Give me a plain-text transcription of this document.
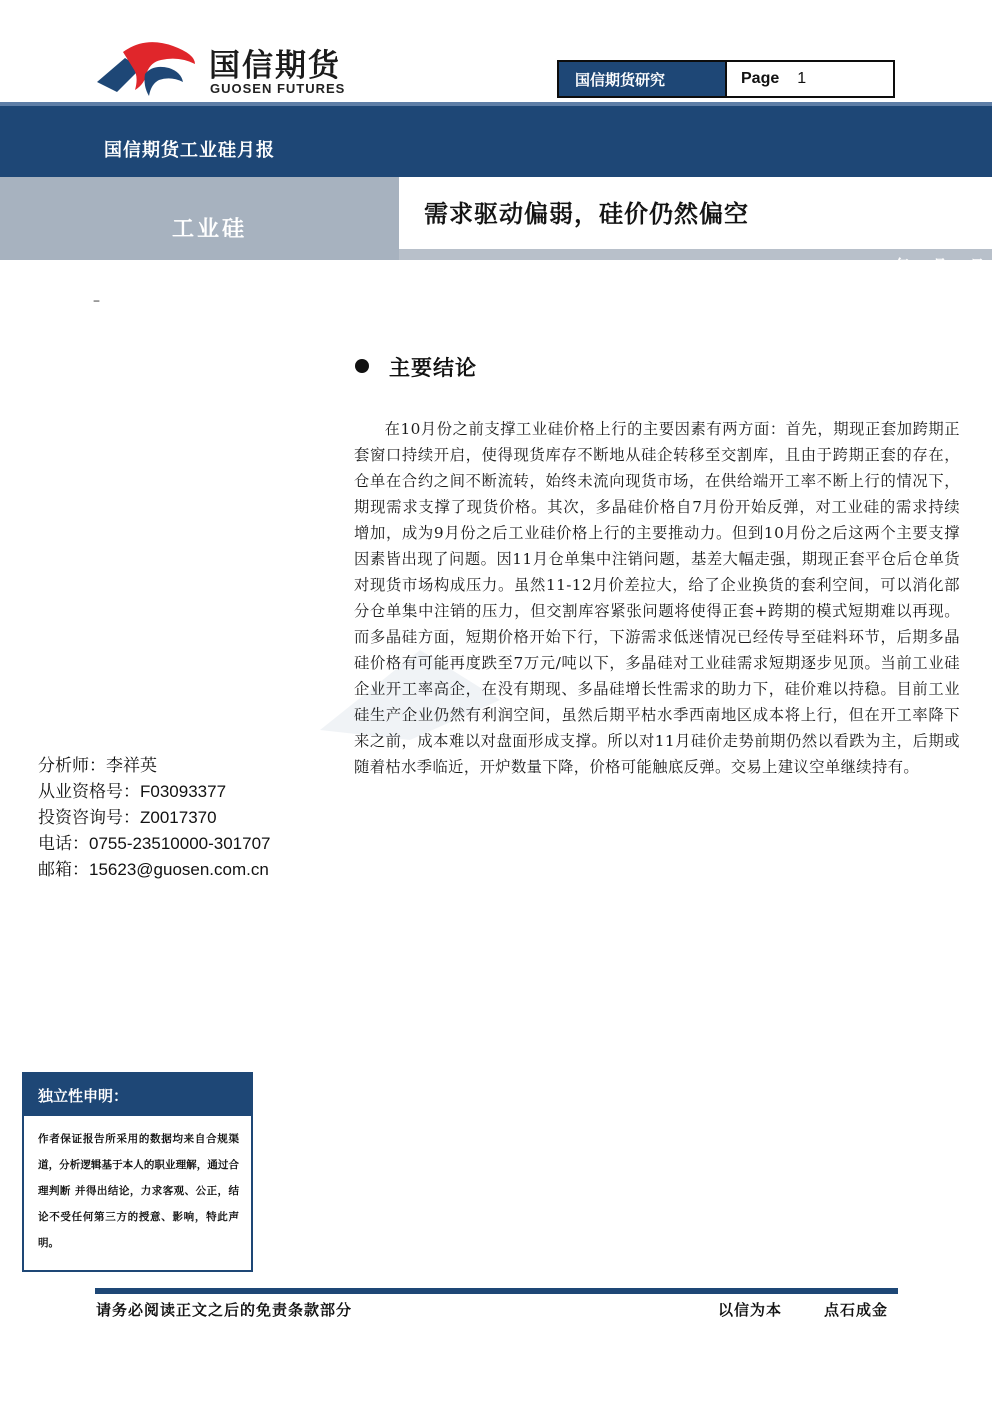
国信期货
GUOSEN FUTURES	国信期货研究	Page 1
国信期货工业硅月报
工业硅
需求驱动偏弱，硅价仍然偏空
2023 年 10 月 29 日
–
主要结论
在10月份之前支撑工业硅价格上行的主要因素有两方面：首先，期现正套加跨期正套窗口持续开启，使得现货库存不断地从硅企转移至交割库，且由于跨期正套的存在，仓单在合约之间不断流转，始终未流向现货市场，在供给端开工率不断上行的情况下，期现需求支撑了现货价格。其次，多晶硅价格自7月份开始反弹，对工业硅的需求持续增加，成为9月份之后工业硅价格上行的主要推动力。但到10月份之后这两个主要支撑因素皆出现了问题。因11月仓单集中注销问题，基差大幅走强，期现正套平仓后仓单货对现货市场构成压力。虽然11-12月价差拉大，给了企业换货的套利空间，可以消化部分仓单集中注销的压力，但交割库容紧张问题将使得正套+跨期的模式短期难以再现。而多晶硅方面，短期价格开始下行，下游需求低迷情况已经传导至硅料环节，后期多晶硅价格有可能再度跌至7万元/吨以下，多晶硅对工业硅需求短期逐步见顶。当前工业硅企业开工率高企，在没有期现、多晶硅增长性需求的助力下，硅价难以持稳。目前工业硅生产企业仍然有利润空间，虽然后期平枯水季西南地区成本将上行，但在开工率降下来之前，成本难以对盘面形成支撑。所以对11月硅价走势前期仍然以看跌为主，后期或随着枯水季临近，开炉数量下降，价格可能触底反弹。交易上建议空单继续持有。
分析师： 李祥英
从业资格号： F03093377
投资咨询号： Z0017370
电话： 0755-23510000-301707
邮箱： 15623@guosen.com.cn
独立性申明：
作者保证报告所采用的数据均来自合规渠道，分析逻辑基于本人的职业理解，通过合理判断 并得出结论，力求客观、公正，结论不受任何第三方的授意、影响，特此声明。
请务必阅读正文之后的免责条款部分	以信为本	点石成金
